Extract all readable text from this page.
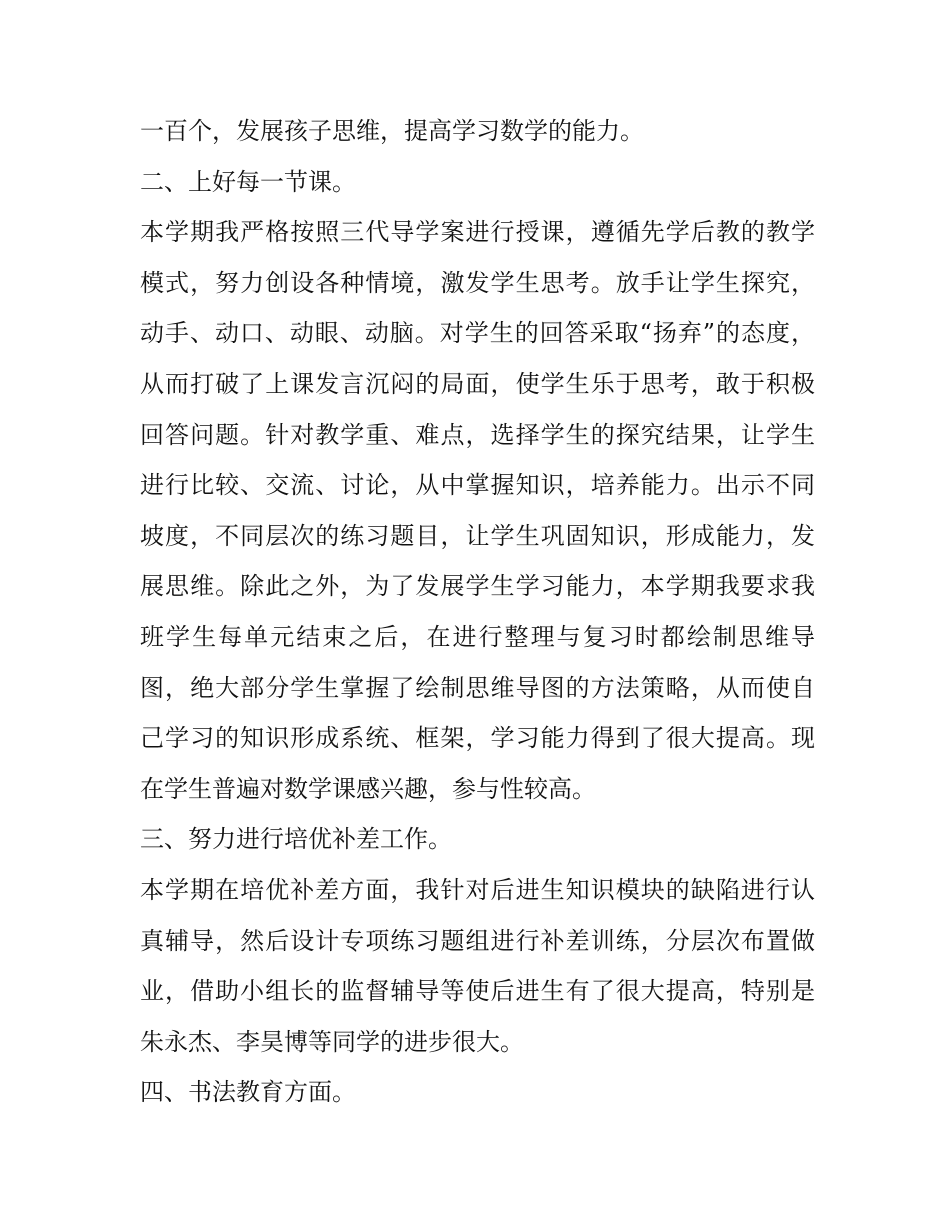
一百个，发展孩子思维，提高学习数学的能力。
二、上好每一节课。
本学期我严格按照三代导学案进行授课，遵循先学后教的教学
模式，努力创设各种情境，激发学生思考。放手让学生探究，
动手、动口、动眼、动脑。对学生的回答采取“扬弃”的态度，
从而打破了上课发言沉闷的局面，使学生乐于思考，敢于积极
回答问题。针对教学重、难点，选择学生的探究结果，让学生
进行比较、交流、讨论，从中掌握知识，培养能力。出示不同
坡度，不同层次的练习题目，让学生巩固知识，形成能力，发
展思维。除此之外，为了发展学生学习能力，本学期我要求我
班学生每单元结束之后，在进行整理与复习时都绘制思维导
图，绝大部分学生掌握了绘制思维导图的方法策略，从而使自
己学习的知识形成系统、框架，学习能力得到了很大提高。现
在学生普遍对数学课感兴趣，参与性较高。
三、努力进行培优补差工作。
本学期在培优补差方面，我针对后进生知识模块的缺陷进行认
真辅导，然后设计专项练习题组进行补差训练，分层次布置做
业，借助小组长的监督辅导等使后进生有了很大提高，特别是
朱永杰、李昊博等同学的进步很大。
四、书法教育方面。
